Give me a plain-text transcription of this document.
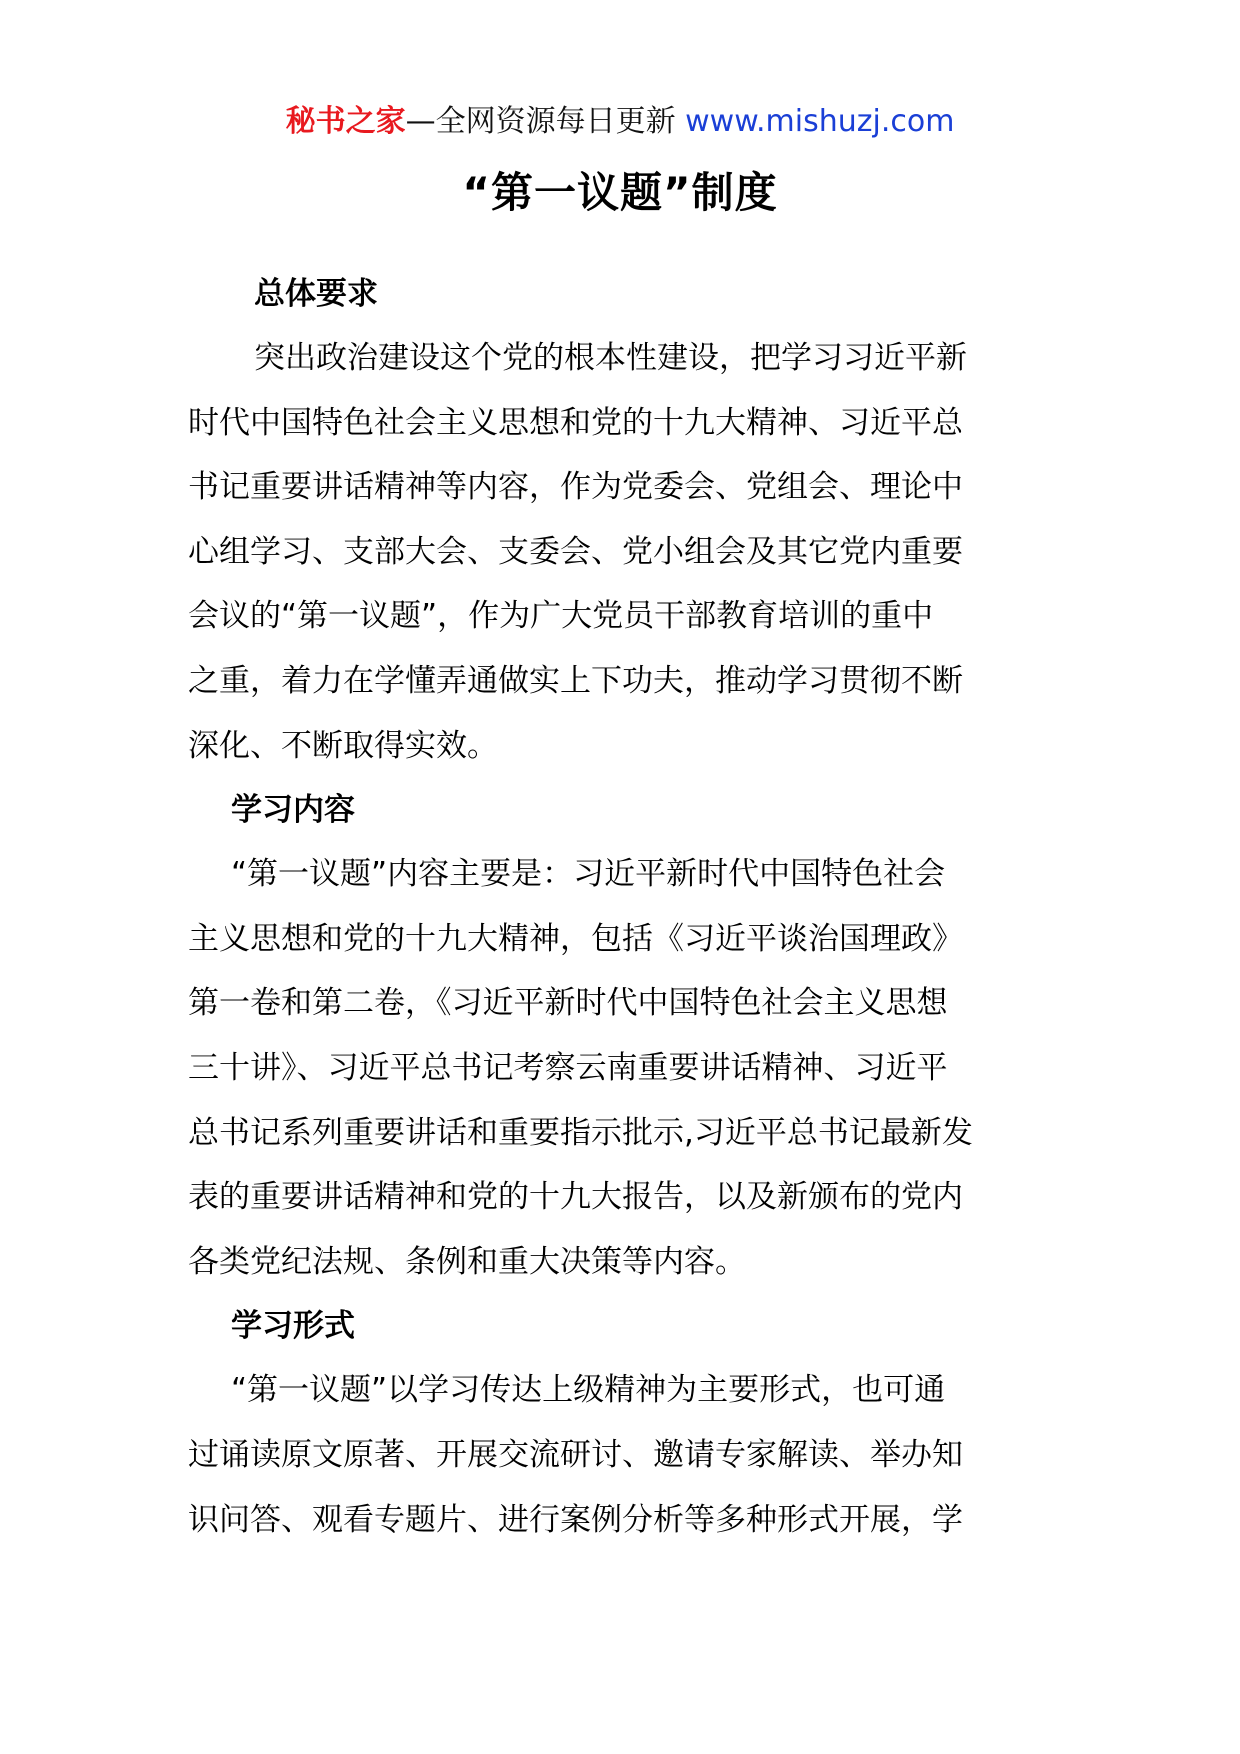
秘书之家—全网资源每日更新 www.mishuzj.com
“第一议题”制度
总体要求
突出政治建设这个党的根本性建设，把学习习近平新
时代中国特色社会主义思想和党的十九大精神、习近平总
书记重要讲话精神等内容，作为党委会、党组会、理论中
心组学习、支部大会、支委会、党小组会及其它党内重要
会议的“第一议题”，作为广大党员干部教育培训的重中
之重，着力在学懂弄通做实上下功夫，推动学习贯彻不断
深化、不断取得实效。
学习内容
“第一议题”内容主要是：习近平新时代中国特色社会
主义思想和党的十九大精神，包括《习近平谈治国理政》
第一卷和第二卷，《习近平新时代中国特色社会主义思想
三十讲》、习近平总书记考察云南重要讲话精神、习近平
总书记系列重要讲话和重要指示批示,习近平总书记最新发
表的重要讲话精神和党的十九大报告，以及新颁布的党内
各类党纪法规、条例和重大决策等内容。
学习形式
“第一议题”以学习传达上级精神为主要形式，也可通
过诵读原文原著、开展交流研讨、邀请专家解读、举办知
识问答、观看专题片、进行案例分析等多种形式开展，学
